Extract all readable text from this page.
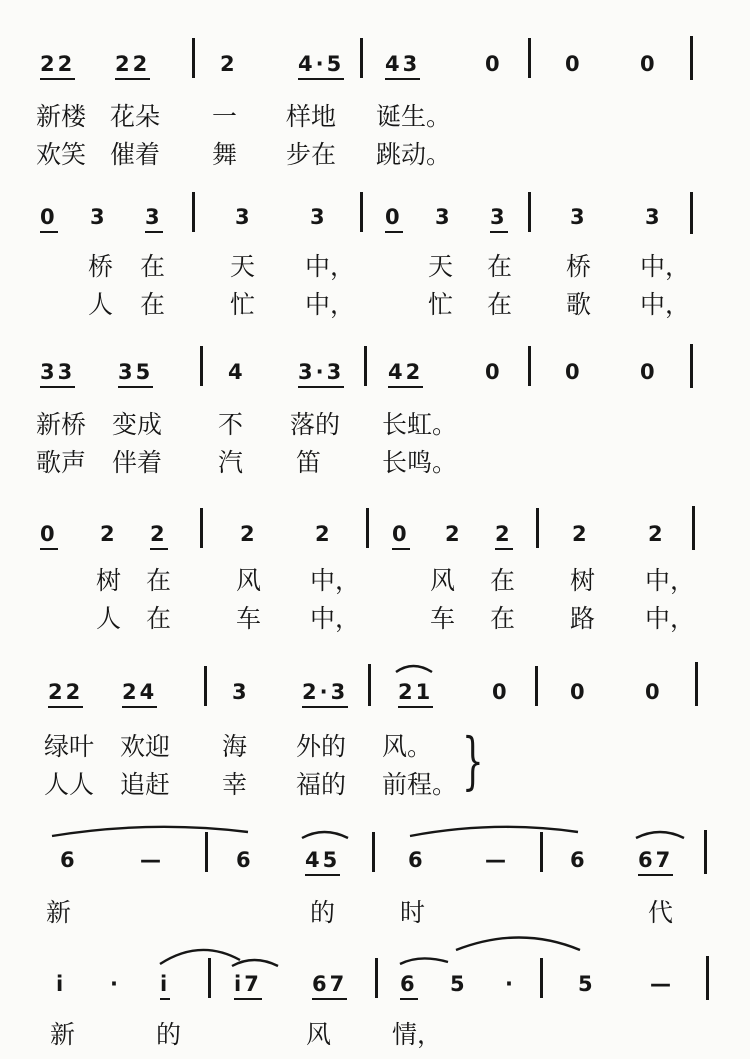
22 22	2	4·5 43	0	0	0
新楼 花朵 一 样地 诞生。
欢笑 催着 舞 步在 跳动。
0 3 3	3	3	0 3 3	3	3
桥 在	天 中，	天 在 桥 中，
人 在	忙 中，	忙 在 歌 中，
33 35	4 3·3 42	0	0	0
新桥 变成 不 落的 长虹。
歌声 伴着 汽 笛 长鸣。
0 2 2	2	2	0 2 2	2	2
树 在	风 中，	风 在 树 中，
人 在	车 中，	车 在 路 中，
22 24	3 2·3 21	0	0	0
绿叶 欢迎 海 外的 风。
人人 追赶 幸 福的 前程。 }
6	—	6 45	6	—	6 67
新	的	时	代
i · i	i7 67	6 5 ·	5	—
新	的	风 情，
